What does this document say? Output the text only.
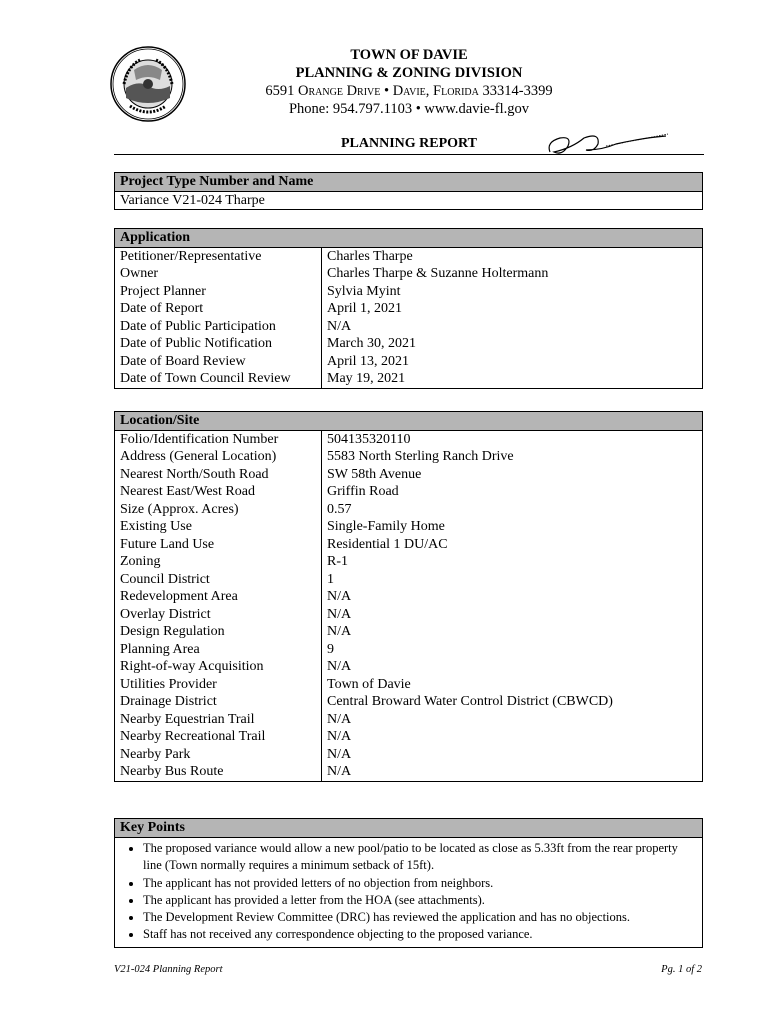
TOWN OF DAVIE
PLANNING & ZONING DIVISION
6591 Orange Drive • Davie, Florida 33314-3399
Phone: 954.797.1103 • www.davie-fl.gov
PLANNING REPORT
Project Type Number and Name
Variance V21-024 Tharpe
Application	
Petitioner/Representative	Charles Tharpe
Owner	Charles Tharpe & Suzanne Holtermann
Project Planner	Sylvia Myint
Date of Report	April 1, 2021
Date of Public Participation	N/A
Date of Public Notification	March 30, 2021
Date of Board Review	April 13, 2021
Date of Town Council Review	May 19, 2021
Location/Site	
Folio/Identification Number	504135320110
Address (General Location)	5583 North Sterling Ranch Drive
Nearest North/South Road	SW 58th Avenue
Nearest East/West Road	Griffin Road
Size (Approx. Acres)	0.57
Existing Use	Single-Family Home
Future Land Use	Residential 1 DU/AC
Zoning	R-1
Council District	1
Redevelopment Area	N/A
Overlay District	N/A
Design Regulation	N/A
Planning Area	9
Right-of-way Acquisition	N/A
Utilities Provider	Town of Davie
Drainage District	Central Broward Water Control District (CBWCD)
Nearby Equestrian Trail	N/A
Nearby Recreational Trail	N/A
Nearby Park	N/A
Nearby Bus Route	N/A
Key Points
• The proposed variance would allow a new pool/patio to be located as close as 5.33ft from the rear property line (Town normally requires a minimum setback of 15ft).
• The applicant has not provided letters of no objection from neighbors.
• The applicant has provided a letter from the HOA (see attachments).
• The Development Review Committee (DRC) has reviewed the application and has no objections.
• Staff has not received any correspondence objecting to the proposed variance.
V21-024 Planning Report	Pg. 1 of 2
